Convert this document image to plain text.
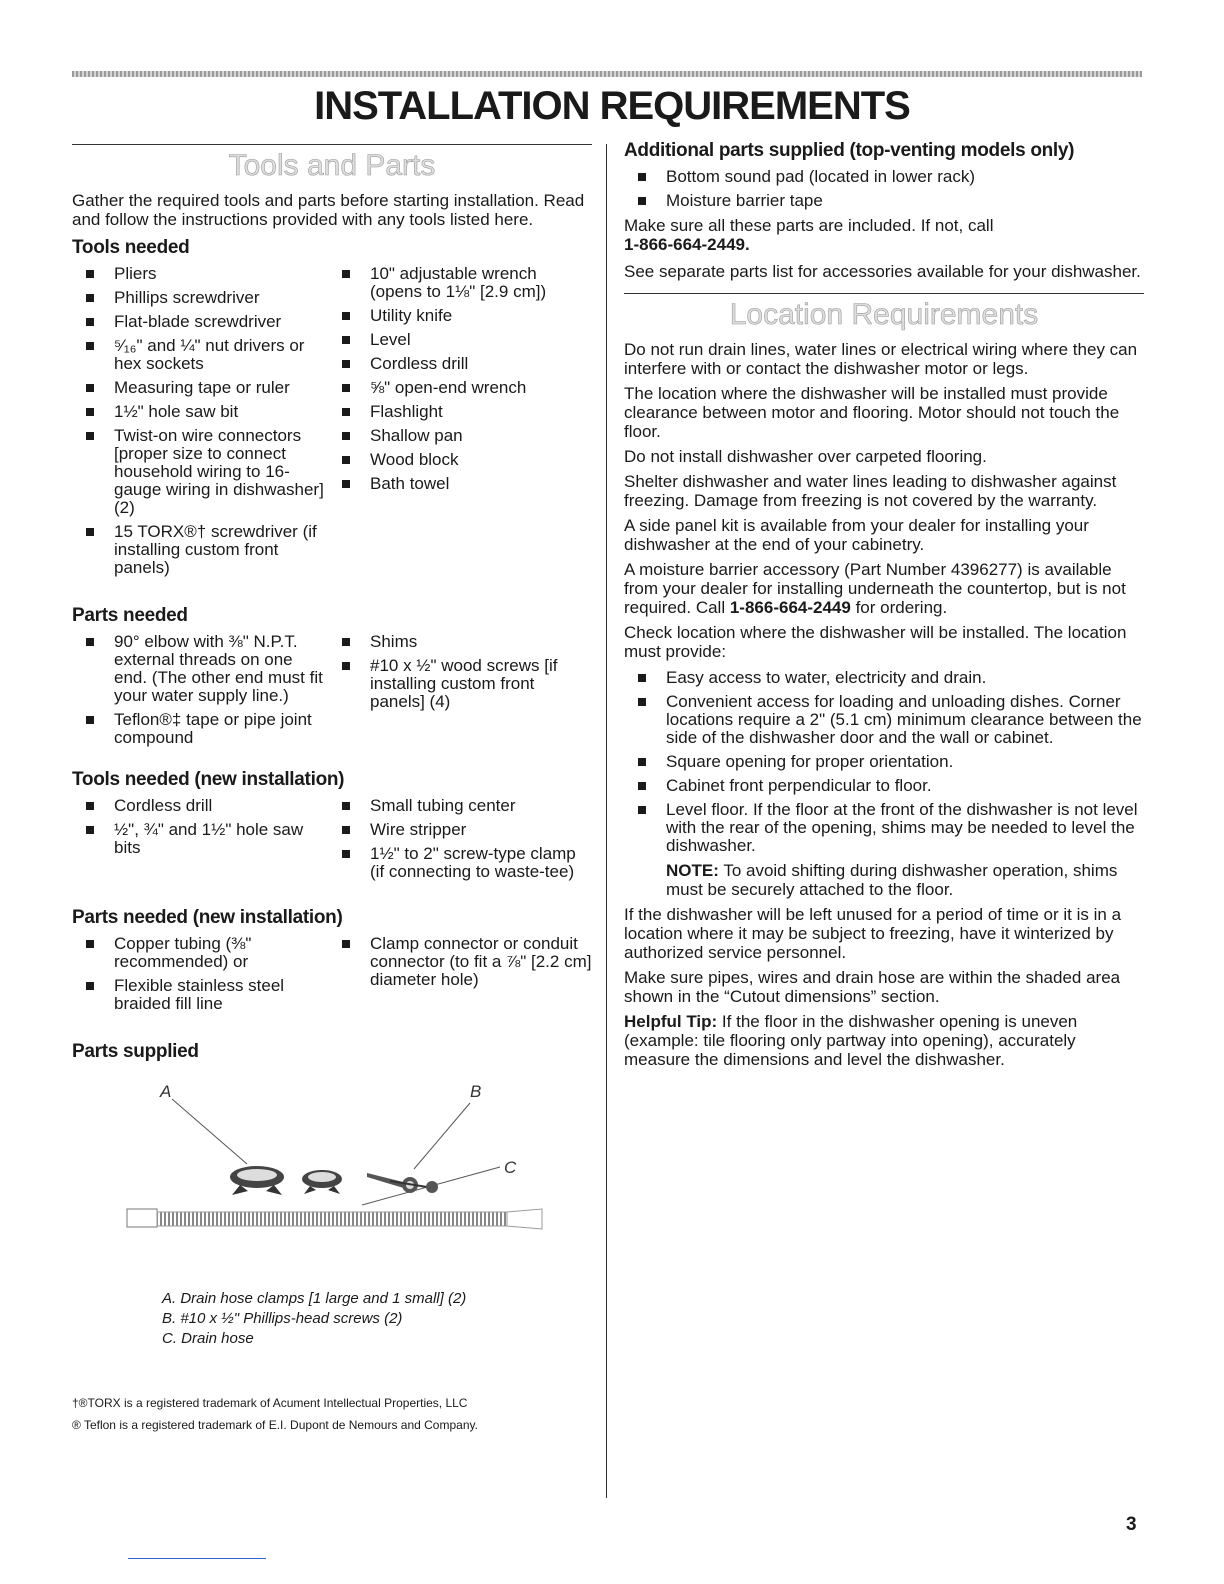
INSTALLATION REQUIREMENTS
Tools and Parts

Gather the required tools and parts before starting installation. Read and follow the instructions provided with any tools listed here.

Tools needed
Pliers
Phillips screwdriver
Flat-blade screwdriver
⁵⁄₁₆" and ¼" nut drivers or hex sockets
Measuring tape or ruler
1½" hole saw bit
Twist-on wire connectors [proper size to connect household wiring to 16-gauge wiring in dishwasher] (2)
15 TORX®† screwdriver (if installing custom front panels)
10" adjustable wrench (opens to 1⅛" [2.9 cm])
Utility knife
Level
Cordless drill
⅝" open-end wrench
Flashlight
Shallow pan
Wood block
Bath towel
Parts needed
90° elbow with ⅜" N.P.T. external threads on one end. (The other end must fit your water supply line.)
Teflon®‡ tape or pipe joint compound
Shims
#10 x ½" wood screws [if installing custom front panels] (4)
Tools needed (new installation)
Cordless drill
½", ¾" and 1½" hole saw bits
Small tubing center
Wire stripper
1½" to 2" screw-type clamp (if connecting to waste-tee)
Parts needed (new installation)
Copper tubing (⅜" recommended) or
Flexible stainless steel braided fill line
Clamp connector or conduit connector (to fit a ⅞" [2.2 cm] diameter hole)
Parts supplied
A	B
C
A. Drain hose clamps [1 large and 1 small] (2)
B. #10 x ½" Phillips-head screws (2)
C. Drain hose
†®TORX is a registered trademark of Acument Intellectual Properties, LLC
® Teflon is a registered trademark of E.I. Dupont de Nemours and Company.
Additional parts supplied (top-venting models only)
Bottom sound pad (located in lower rack)
Moisture barrier tape

Make sure all these parts are included. If not, call
1-866-664-2449.

See separate parts list for accessories available for your dishwasher.

Location Requirements

Do not run drain lines, water lines or electrical wiring where they can interfere with or contact the dishwasher motor or legs.

The location where the dishwasher will be installed must provide clearance between motor and flooring. Motor should not touch the floor.

Do not install dishwasher over carpeted flooring.

Shelter dishwasher and water lines leading to dishwasher against freezing. Damage from freezing is not covered by the warranty.

A side panel kit is available from your dealer for installing your dishwasher at the end of your cabinetry.

A moisture barrier accessory (Part Number 4396277) is available from your dealer for installing underneath the countertop, but is not required. Call 1-866-664-2449 for ordering.

Check location where the dishwasher will be installed. The location must provide:

Easy access to water, electricity and drain.
Convenient access for loading and unloading dishes. Corner locations require a 2" (5.1 cm) minimum clearance between the side of the dishwasher door and the wall or cabinet.
Square opening for proper orientation.
Cabinet front perpendicular to floor.
Level floor. If the floor at the front of the dishwasher is not level with the rear of the opening, shims may be needed to level the dishwasher.

NOTE: To avoid shifting during dishwasher operation, shims must be securely attached to the floor.

If the dishwasher will be left unused for a period of time or it is in a location where it may be subject to freezing, have it winterized by authorized service personnel.

Make sure pipes, wires and drain hose are within the shaded area shown in the “Cutout dimensions” section.

Helpful Tip: If the floor in the dishwasher opening is uneven (example: tile flooring only partway into opening), accurately measure the dimensions and level the dishwasher.

3
